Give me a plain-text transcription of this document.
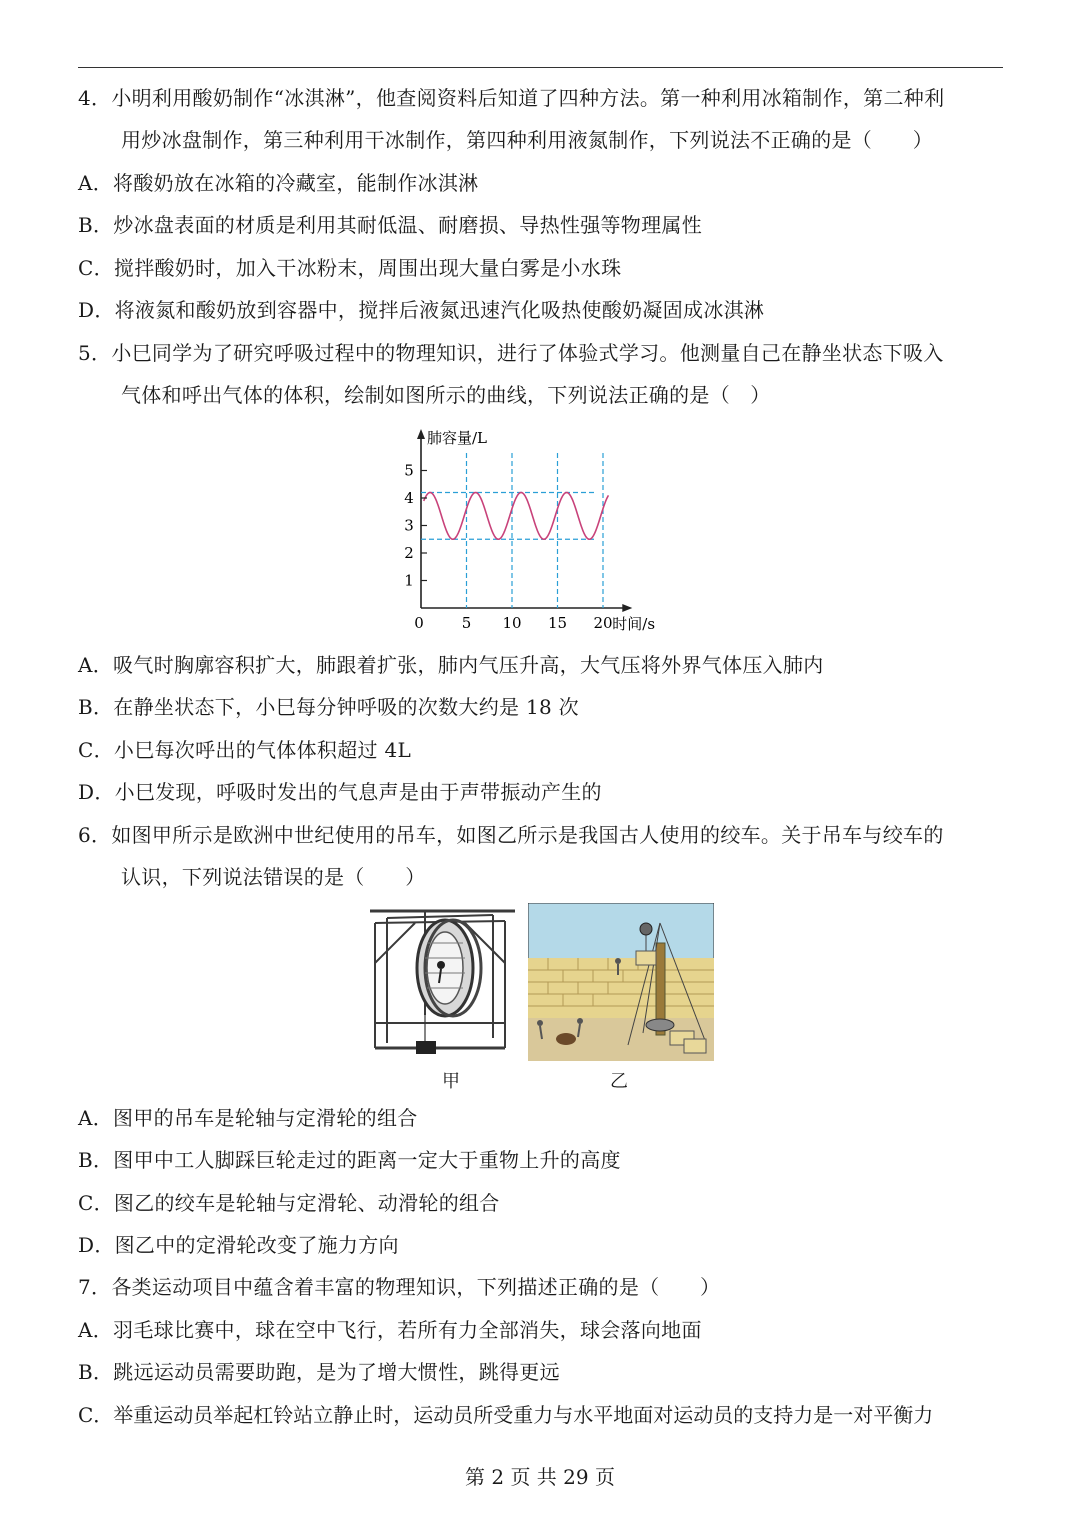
4．小明利用酸奶制作“冰淇淋”，他查阅资料后知道了四种方法。第一种利用冰箱制作，第二种利
用炒冰盘制作，第三种利用干冰制作，第四种利用液氮制作，下列说法不正确的是（　　）
A．将酸奶放在冰箱的冷藏室，能制作冰淇淋
B．炒冰盘表面的材质是利用其耐低温、耐磨损、导热性强等物理属性
C．搅拌酸奶时，加入干冰粉末，周围出现大量白雾是小水珠
D．将液氮和酸奶放到容器中，搅拌后液氮迅速汽化吸热使酸奶凝固成冰淇淋
5．小巳同学为了研究呼吸过程中的物理知识，进行了体验式学习。他测量自己在静坐状态下吸入
气体和呼出气体的体积，绘制如图所示的曲线，下列说法正确的是（　）
肺容量/L
时间/s
0	5 10 15 20
1
2
3
4
5
A．吸气时胸廓容积扩大，肺跟着扩张，肺内气压升高，大气压将外界气体压入肺内
B．在静坐状态下，小巳每分钟呼吸的次数大约是 18 次
C．小巳每次呼出的气体体积超过 4L
D．小巳发现，呼吸时发出的气息声是由于声带振动产生的
6．如图甲所示是欧洲中世纪使用的吊车，如图乙所示是我国古人使用的绞车。关于吊车与绞车的
认识，下列说法错误的是（　　）
甲	乙
A．图甲的吊车是轮轴与定滑轮的组合
B．图甲中工人脚踩巨轮走过的距离一定大于重物上升的高度
C．图乙的绞车是轮轴与定滑轮、动滑轮的组合
D．图乙中的定滑轮改变了施力方向
7．各类运动项目中蕴含着丰富的物理知识，下列描述正确的是（　　）
A．羽毛球比赛中，球在空中飞行，若所有力全部消失，球会落向地面
B．跳远运动员需要助跑，是为了增大惯性，跳得更远
C．举重运动员举起杠铃站立静止时，运动员所受重力与水平地面对运动员的支持力是一对平衡力
第 2 页 共 29 页
